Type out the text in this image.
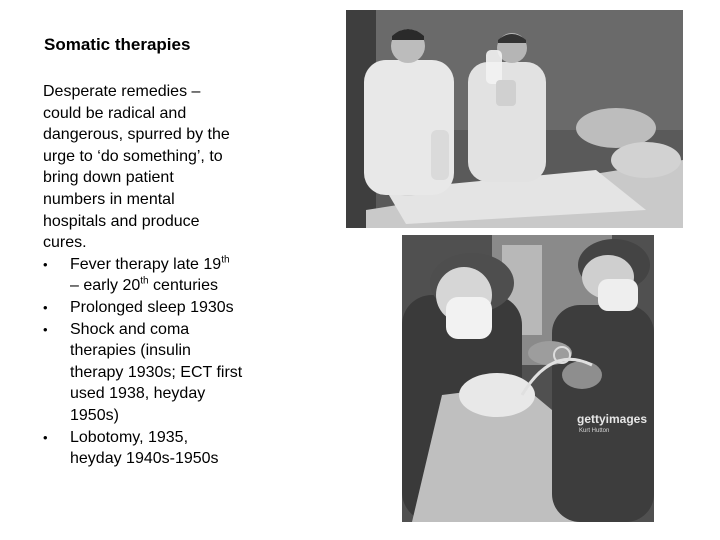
Somatic therapies

Desperate remedies –
could be radical and
dangerous, spurred by the
urge to ‘do something’, to
bring down patient
numbers in mental
hospitals and produce
cures.

• Fever therapy late 19th
– early 20th centuries
• Prolonged sleep 1930s
• Shock and coma
therapies (insulin
therapy 1930s; ECT first
used 1938, heyday
1950s)
• Lobotomy, 1935,
heyday 1940s-1950s
gettyimages
Kurt Hutton
